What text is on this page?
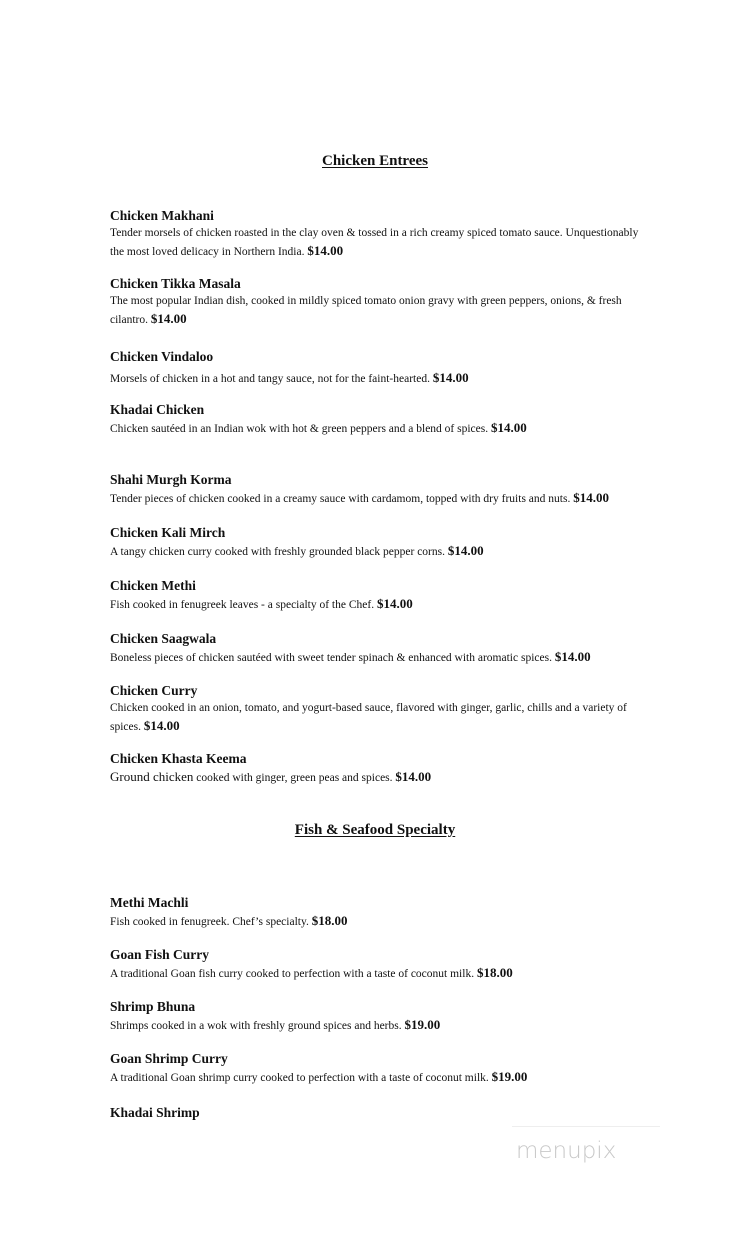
Chicken Entrees
Chicken Makhani
Tender morsels of chicken roasted in the clay oven & tossed in a rich creamy spiced tomato sauce. Unquestionably the most loved delicacy in Northern India. $14.00
Chicken Tikka Masala
The most popular Indian dish, cooked in mildly spiced tomato onion gravy with green peppers, onions, & fresh cilantro. $14.00
Chicken Vindaloo
Morsels of chicken in a hot and tangy sauce, not for the faint-hearted. $14.00
Khadai Chicken
Chicken sautéed in an Indian wok with hot & green peppers and a blend of spices. $14.00
Shahi Murgh Korma
Tender pieces of chicken cooked in a creamy sauce with cardamom, topped with dry fruits and nuts. $14.00
Chicken Kali Mirch
A tangy chicken curry cooked with freshly grounded black pepper corns. $14.00
Chicken Methi
Fish cooked in fenugreek leaves - a specialty of the Chef. $14.00
Chicken Saagwala
Boneless pieces of chicken sautéed with sweet tender spinach & enhanced with aromatic spices. $14.00
Chicken Curry
Chicken cooked in an onion, tomato, and yogurt-based sauce, flavored with ginger, garlic, chills and a variety of spices. $14.00
Chicken Khasta Keema
Ground chicken cooked with ginger, green peas and spices. $14.00
Fish & Seafood Specialty
Methi Machli
Fish cooked in fenugreek. Chef’s specialty. $18.00
Goan Fish Curry
A traditional Goan fish curry cooked to perfection with a taste of coconut milk. $18.00
Shrimp Bhuna
Shrimps cooked in a wok with freshly ground spices and herbs. $19.00
Goan Shrimp Curry
A traditional Goan shrimp curry cooked to perfection with a taste of coconut milk. $19.00
Khadai Shrimp
menupix
